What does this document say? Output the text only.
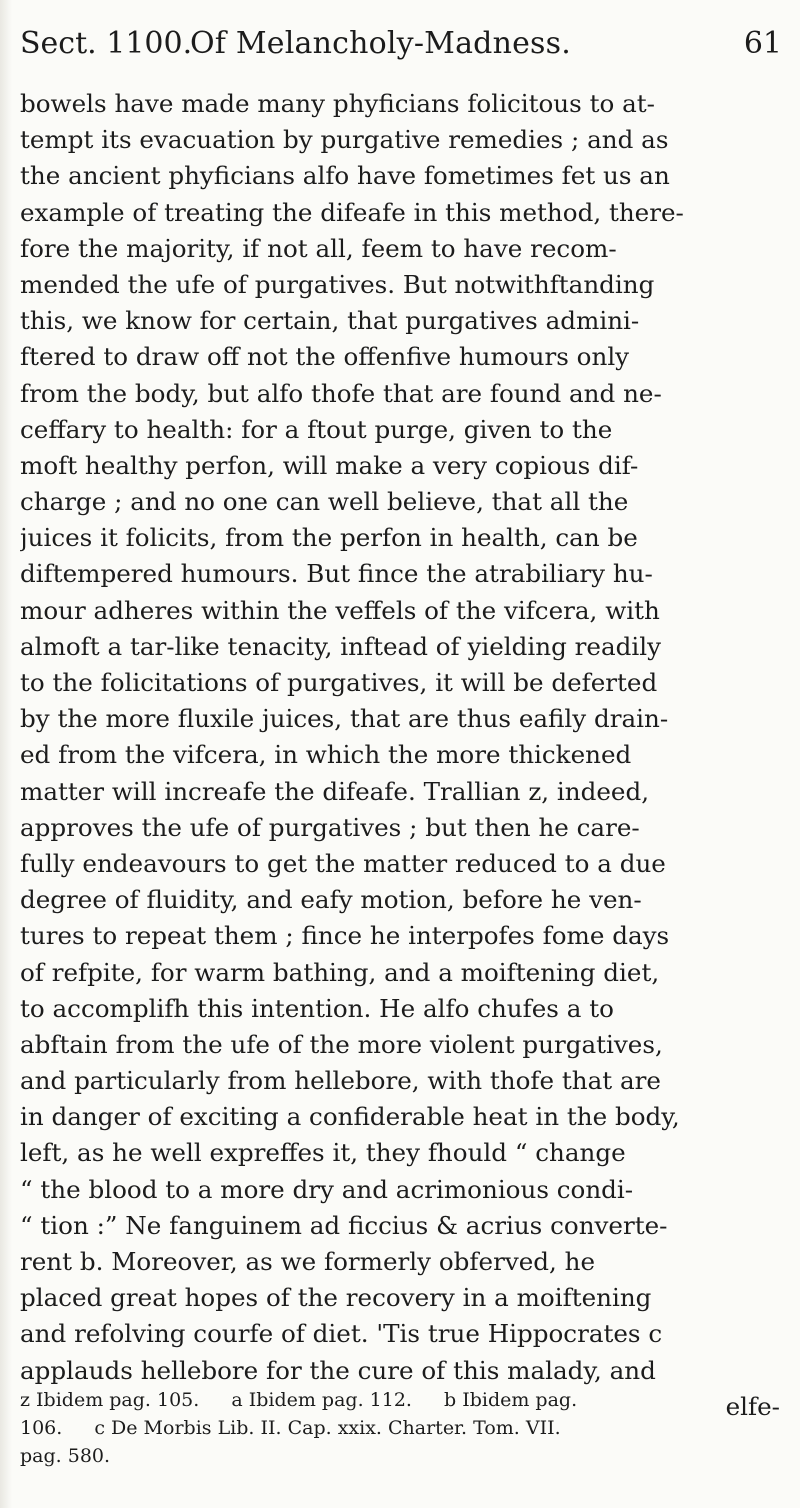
Sect. 1100.
Of Melancholy-Madness.	61
bowels have made many phyficians folicitous to at-
tempt its evacuation by purgative remedies ; and as
the ancient phyficians alfo have fometimes fet us an
example of treating the difeafe in this method, there-
fore the majority, if not all, feem to have recom-
mended the ufe of purgatives. But notwithftanding
this, we know for certain, that purgatives admini-
ftered to draw off not the offenfive humours only
from the body, but alfo thofe that are found and ne-
ceffary to health: for a ftout purge, given to the
moft healthy perfon, will make a very copious dif-
charge ; and no one can well believe, that all the
juices it folicits, from the perfon in health, can be
diftempered humours. But fince the atrabiliary hu-
mour adheres within the veffels of the vifcera, with
almoft a tar-like tenacity, inftead of yielding readily
to the folicitations of purgatives, it will be deferted
by the more fluxile juices, that are thus eafily drain-
ed from the vifcera, in which the more thickened
matter will increafe the difeafe. Trallian z, indeed,
approves the ufe of purgatives ; but then he care-
fully endeavours to get the matter reduced to a due
degree of fluidity, and eafy motion, before he ven-
tures to repeat them ; fince he interpofes fome days
of refpite, for warm bathing, and a moiftening diet,
to accomplifh this intention. He alfo chufes a to
abftain from the ufe of the more violent purgatives,
and particularly from hellebore, with thofe that are
in danger of exciting a confiderable heat in the body,
left, as he well expreffes it, they fhould “ change
“ the blood to a more dry and acrimonious condi-
“ tion :” Ne fanguinem ad ficcius & acrius converte-
rent b. Moreover, as we formerly obferved, he
placed great hopes of the recovery in a moiftening
and refolving courfe of diet. 'Tis true Hippocrates c
applauds hellebore for the cure of this malady, and
elfe-
z Ibidem pag. 105. a Ibidem pag. 112. b Ibidem pag.
106. c De Morbis Lib. II. Cap. xxix. Charter. Tom. VII.
pag. 580.
